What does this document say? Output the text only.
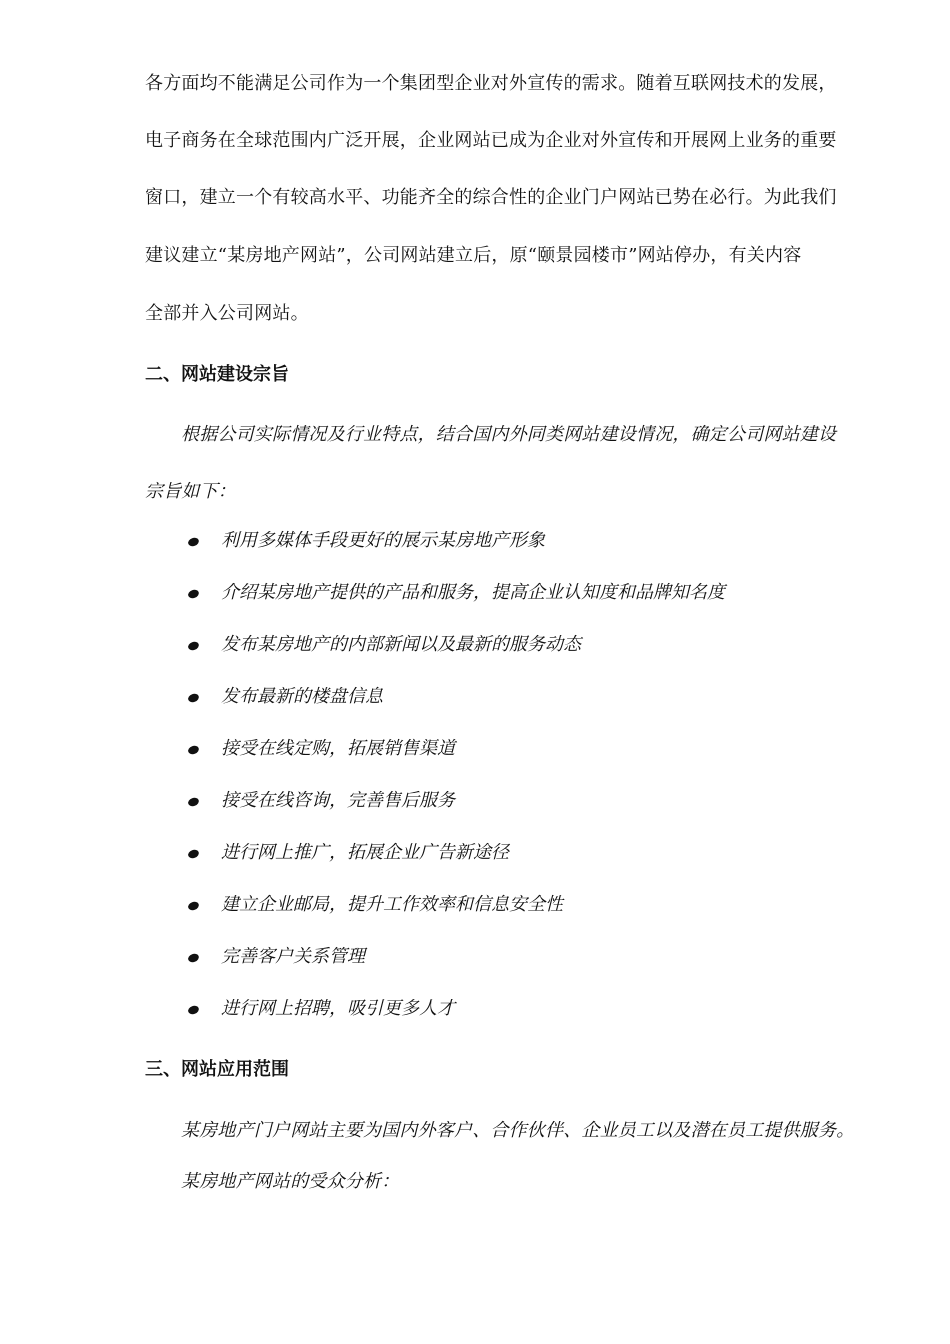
各方面均不能满足公司作为一个集团型企业对外宣传的需求。随着互联网技术的发展，
电子商务在全球范围内广泛开展，企业网站已成为企业对外宣传和开展网上业务的重要
窗口，建立一个有较高水平、功能齐全的综合性的企业门户网站已势在必行。为此我们
建议建立“某房地产网站”，公司网站建立后，原“颐景园楼市”网站停办，有关内容
全部并入公司网站。
二、网站建设宗旨
根据公司实际情况及行业特点，结合国内外同类网站建设情况，确定公司网站建设
宗旨如下：
利用多媒体手段更好的展示某房地产形象
介绍某房地产提供的产品和服务，提高企业认知度和品牌知名度
发布某房地产的内部新闻以及最新的服务动态
发布最新的楼盘信息
接受在线定购，拓展销售渠道
接受在线咨询，完善售后服务
进行网上推广，拓展企业广告新途径
建立企业邮局，提升工作效率和信息安全性
完善客户关系管理
进行网上招聘，吸引更多人才
三、网站应用范围
某房地产门户网站主要为国内外客户、合作伙伴、企业员工以及潜在员工提供服务。
某房地产网站的受众分析：
